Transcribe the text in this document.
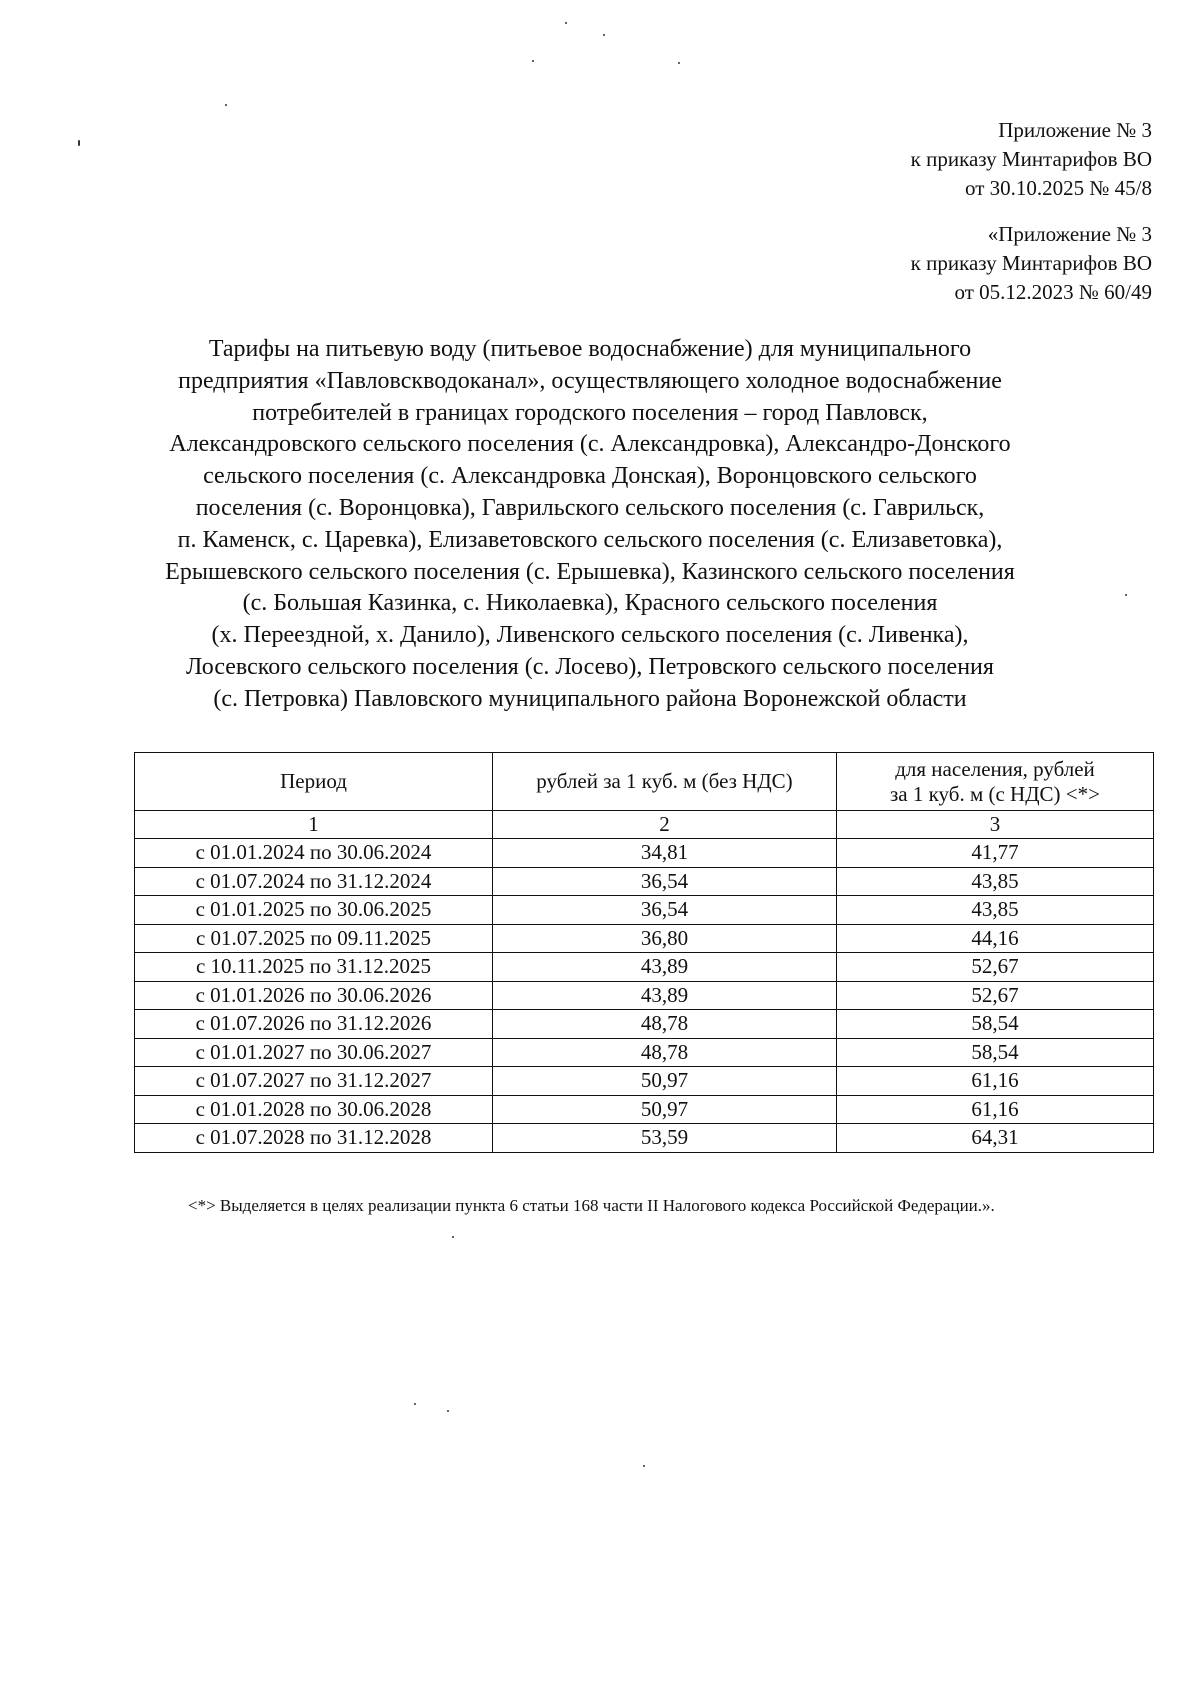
Приложение № 3
к приказу Минтарифов ВО
от 30.10.2025 № 45/8
«Приложение № 3
к приказу Минтарифов ВО
от 05.12.2023 № 60/49
Тарифы на питьевую воду (питьевое водоснабжение) для муниципального
предприятия «Павловскводоканал», осуществляющего холодное водоснабжение
потребителей в границах городского поселения – город Павловск,
Александровского сельского поселения (с. Александровка), Александро-Донского
сельского поселения (с. Александровка Донская), Воронцовского сельского
поселения (с. Воронцовка), Гаврильского сельского поселения (с. Гаврильск,
п. Каменск, с. Царевка), Елизаветовского сельского поселения (с. Елизаветовка),
Ерышевского сельского поселения (с. Ерышевка), Казинского сельского поселения
(с. Большая Казинка, с. Николаевка), Красного сельского поселения
(х. Переездной, х. Данило), Ливенского сельского поселения (с. Ливенка),
Лосевского сельского поселения (с. Лосево), Петровского сельского поселения
(с. Петровка) Павловского муниципального района Воронежской области
Период	рублей за 1 куб. м (без НДС)	для населения, рублей
за 1 куб. м (с НДС) <*>
1	2	3
с 01.01.2024 по 30.06.2024	34,81	41,77
с 01.07.2024 по 31.12.2024	36,54	43,85
с 01.01.2025 по 30.06.2025	36,54	43,85
с 01.07.2025 по 09.11.2025	36,80	44,16
с 10.11.2025 по 31.12.2025	43,89	52,67
с 01.01.2026 по 30.06.2026	43,89	52,67
с 01.07.2026 по 31.12.2026	48,78	58,54
с 01.01.2027 по 30.06.2027	48,78	58,54
с 01.07.2027 по 31.12.2027	50,97	61,16
с 01.01.2028 по 30.06.2028	50,97	61,16
с 01.07.2028 по 31.12.2028	53,59	64,31
<*> Выделяется в целях реализации пункта 6 статьи 168 части II Налогового кодекса Российской Федерации.».
